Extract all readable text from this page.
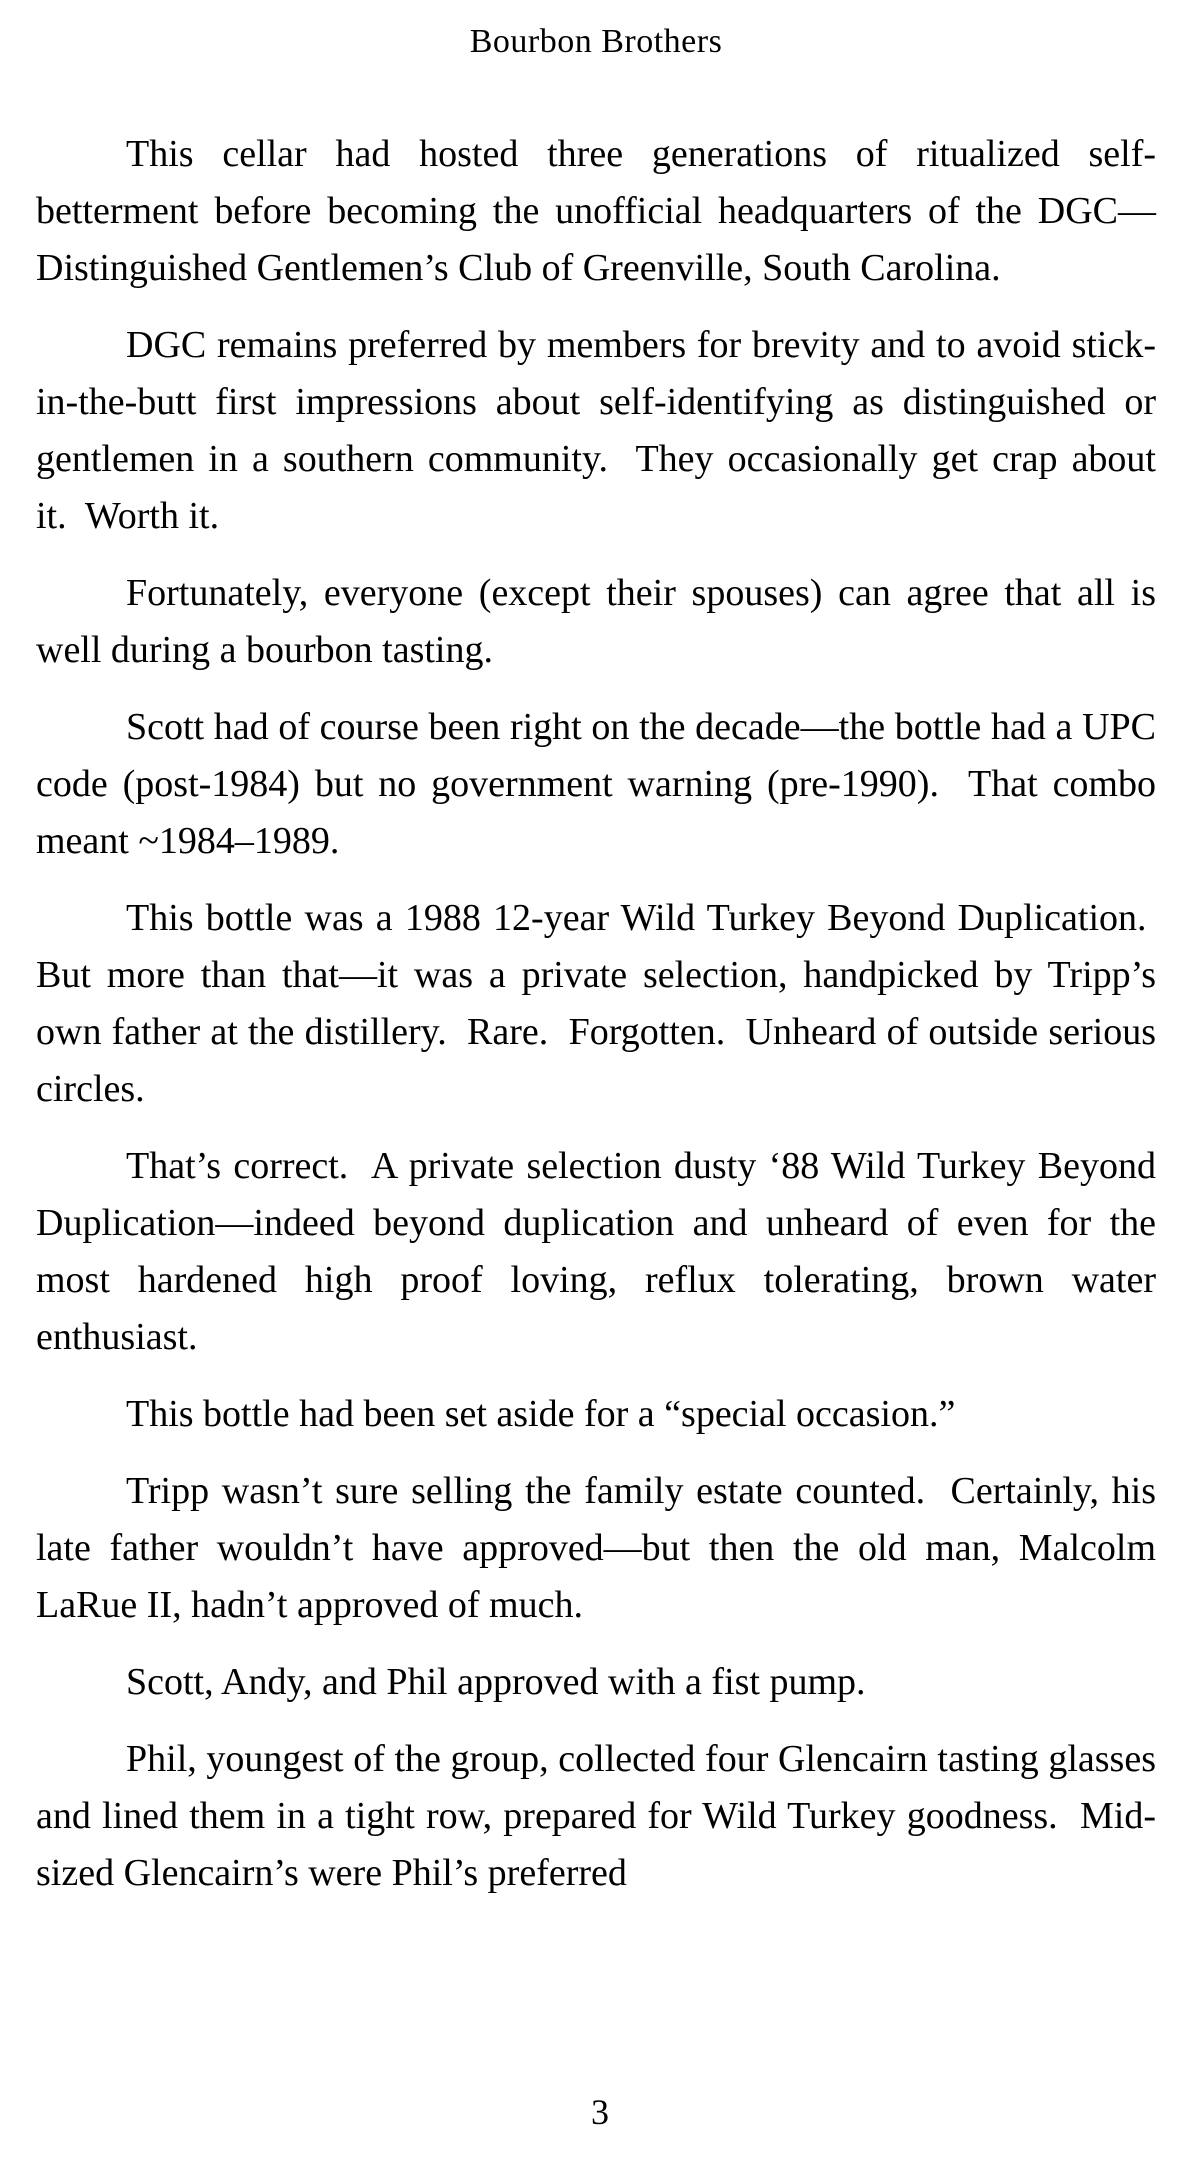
Bourbon Brothers

This cellar had hosted three generations of ritualized self-betterment before becoming the unofficial headquarters of the DGC—Distinguished Gentlemen’s Club of Greenville, South Carolina.

DGC remains preferred by members for brevity and to avoid stick-in-the-butt first impressions about self-identifying as distinguished or gentlemen in a southern community.  They occasionally get crap about it.  Worth it.

Fortunately, everyone (except their spouses) can agree that all is well during a bourbon tasting.

Scott had of course been right on the decade—the bottle had a UPC code (post-1984) but no government warning (pre-1990).  That combo meant ~1984–1989.

This bottle was a 1988 12-year Wild Turkey Beyond Duplication.  But more than that—it was a private selection, handpicked by Tripp’s own father at the distillery.  Rare.  Forgotten.  Unheard of outside serious circles.

That’s correct.  A private selection dusty ‘88 Wild Turkey Beyond Duplication—indeed beyond duplication and unheard of even for the most hardened high proof loving, reflux tolerating, brown water enthusiast.

This bottle had been set aside for a “special occasion.”

Tripp wasn’t sure selling the family estate counted.  Certainly, his late father wouldn’t have approved—but then the old man, Malcolm LaRue II, hadn’t approved of much.

Scott, Andy, and Phil approved with a fist pump.

Phil, youngest of the group, collected four Glencairn tasting glasses and lined them in a tight row, prepared for Wild Turkey goodness.  Mid-sized Glencairn’s were Phil’s preferred

3
